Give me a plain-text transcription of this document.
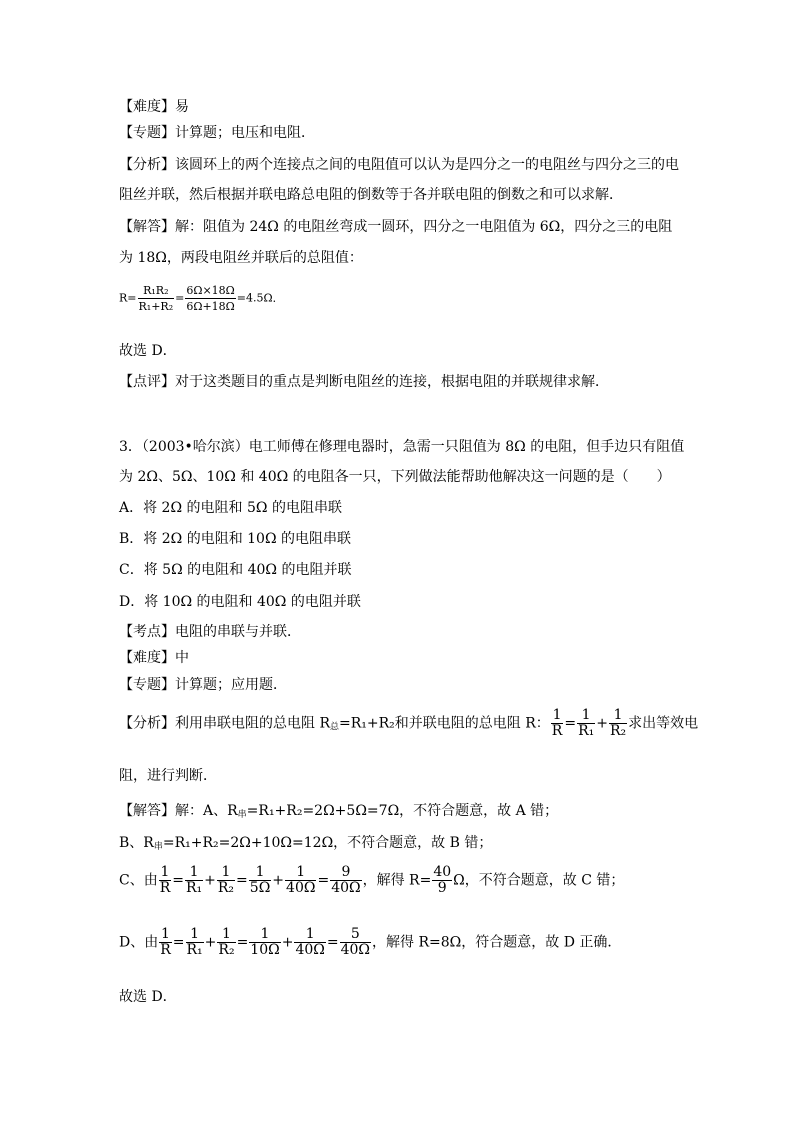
【难度】易
【专题】计算题；电压和电阻．
【分析】该圆环上的两个连接点之间的电阻值可以认为是四分之一的电阻丝与四分之三的电
阻丝并联，然后根据并联电路总电阻的倒数等于各并联电阻的倒数之和可以求解．
【解答】解：阻值为 24Ω 的电阻丝弯成一圆环，四分之一电阻值为 6Ω，四分之三的电阻
为 18Ω，两段电阻丝并联后的总阻值：
$R= \frac{\text{R₁R₂}}{\text{R₁+R₂}} = \frac{6\Omega\times 18\Omega}{6\Omega+18\Omega} =4.5\Omega$．
故选 D．
【点评】对于这类题目的重点是判断电阻丝的连接，根据电阻的并联规律求解．
3．（2003•哈尔滨）电工师傅在修理电器时，急需一只阻值为 8Ω 的电阻，但手边只有阻值
为 2Ω、5Ω、10Ω 和 40Ω 的电阻各一只，下列做法能帮助他解决这一问题的是（　　）
A．将 2Ω 的电阻和 5Ω 的电阻串联
B．将 2Ω 的电阻和 10Ω 的电阻串联
C．将 5Ω 的电阻和 40Ω 的电阻并联
D．将 10Ω 的电阻和 40Ω 的电阻并联
【考点】电阻的串联与并联．
【难度】中
【专题】计算题；应用题．
【分析】利用串联电阻的总电阻 $R_总=R_1+R_2$和并联电阻的总电阻 R： $\frac{1}{R} = \frac{1}{\text{R₁}} + \frac{1}{\text{R₂}}$ 求出等效电
阻，进行判断．
【解答】解：A、$R_串=R_1+R_2=2\Omega+5\Omega=7\Omega$，不符合题意，故 A 错；
B、$R_串=R_1+R_2=2\Omega+10\Omega=12\Omega$，不符合题意，故 B 错；
C、由 $\frac{1}{R} = \frac{1}{\text{R₁}} + \frac{1}{\text{R₂}} = \frac{1}{5\Omega} + \frac{1}{40\Omega} = \frac{9}{40\Omega}$ ，解得 $R= \frac{40}{9}$ Ω，不符合题意，故 C 错；
D、由 $\frac{1}{R} = \frac{1}{\text{R₁}} + \frac{1}{\text{R₂}} = \frac{1}{10\Omega} + \frac{1}{40\Omega} = \frac{5}{40\Omega}$ ，解得 R=8Ω，符合题意，故 D 正确．
故选 D．
